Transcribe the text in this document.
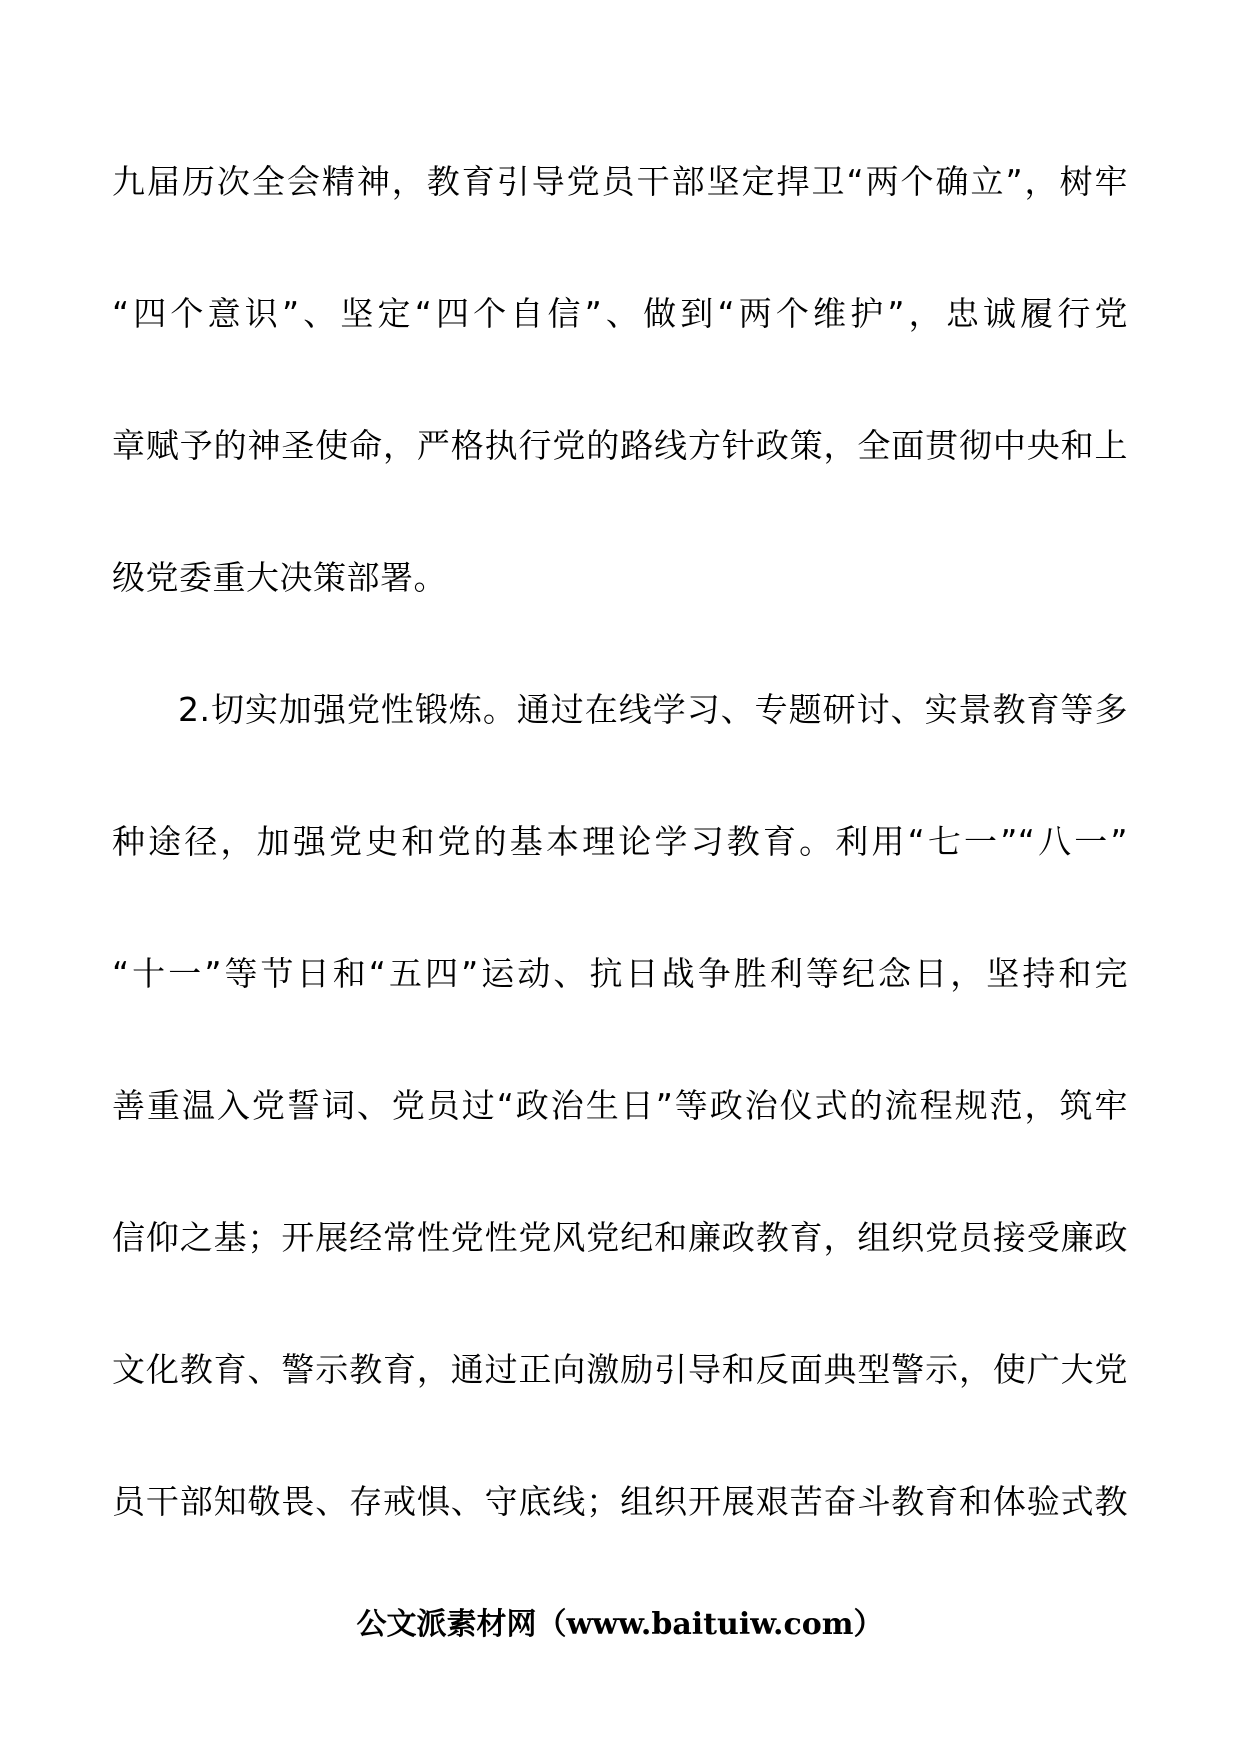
九届历次全会精神，教育引导党员干部坚定捍卫“两个确立”，树牢
“四个意识”、坚定“四个自信”、做到“两个维护”，忠诚履行党
章赋予的神圣使命，严格执行党的路线方针政策，全面贯彻中央和上
级党委重大决策部署。
2.切实加强党性锻炼。通过在线学习、专题研讨、实景教育等多
种途径，加强党史和党的基本理论学习教育。利用“七一”“八一”
“十一”等节日和“五四”运动、抗日战争胜利等纪念日，坚持和完
善重温入党誓词、党员过“政治生日”等政治仪式的流程规范，筑牢
信仰之基；开展经常性党性党风党纪和廉政教育，组织党员接受廉政
文化教育、警示教育，通过正向激励引导和反面典型警示，使广大党
员干部知敬畏、存戒惧、守底线；组织开展艰苦奋斗教育和体验式教
公文派素材网（www.baituiw.com）
